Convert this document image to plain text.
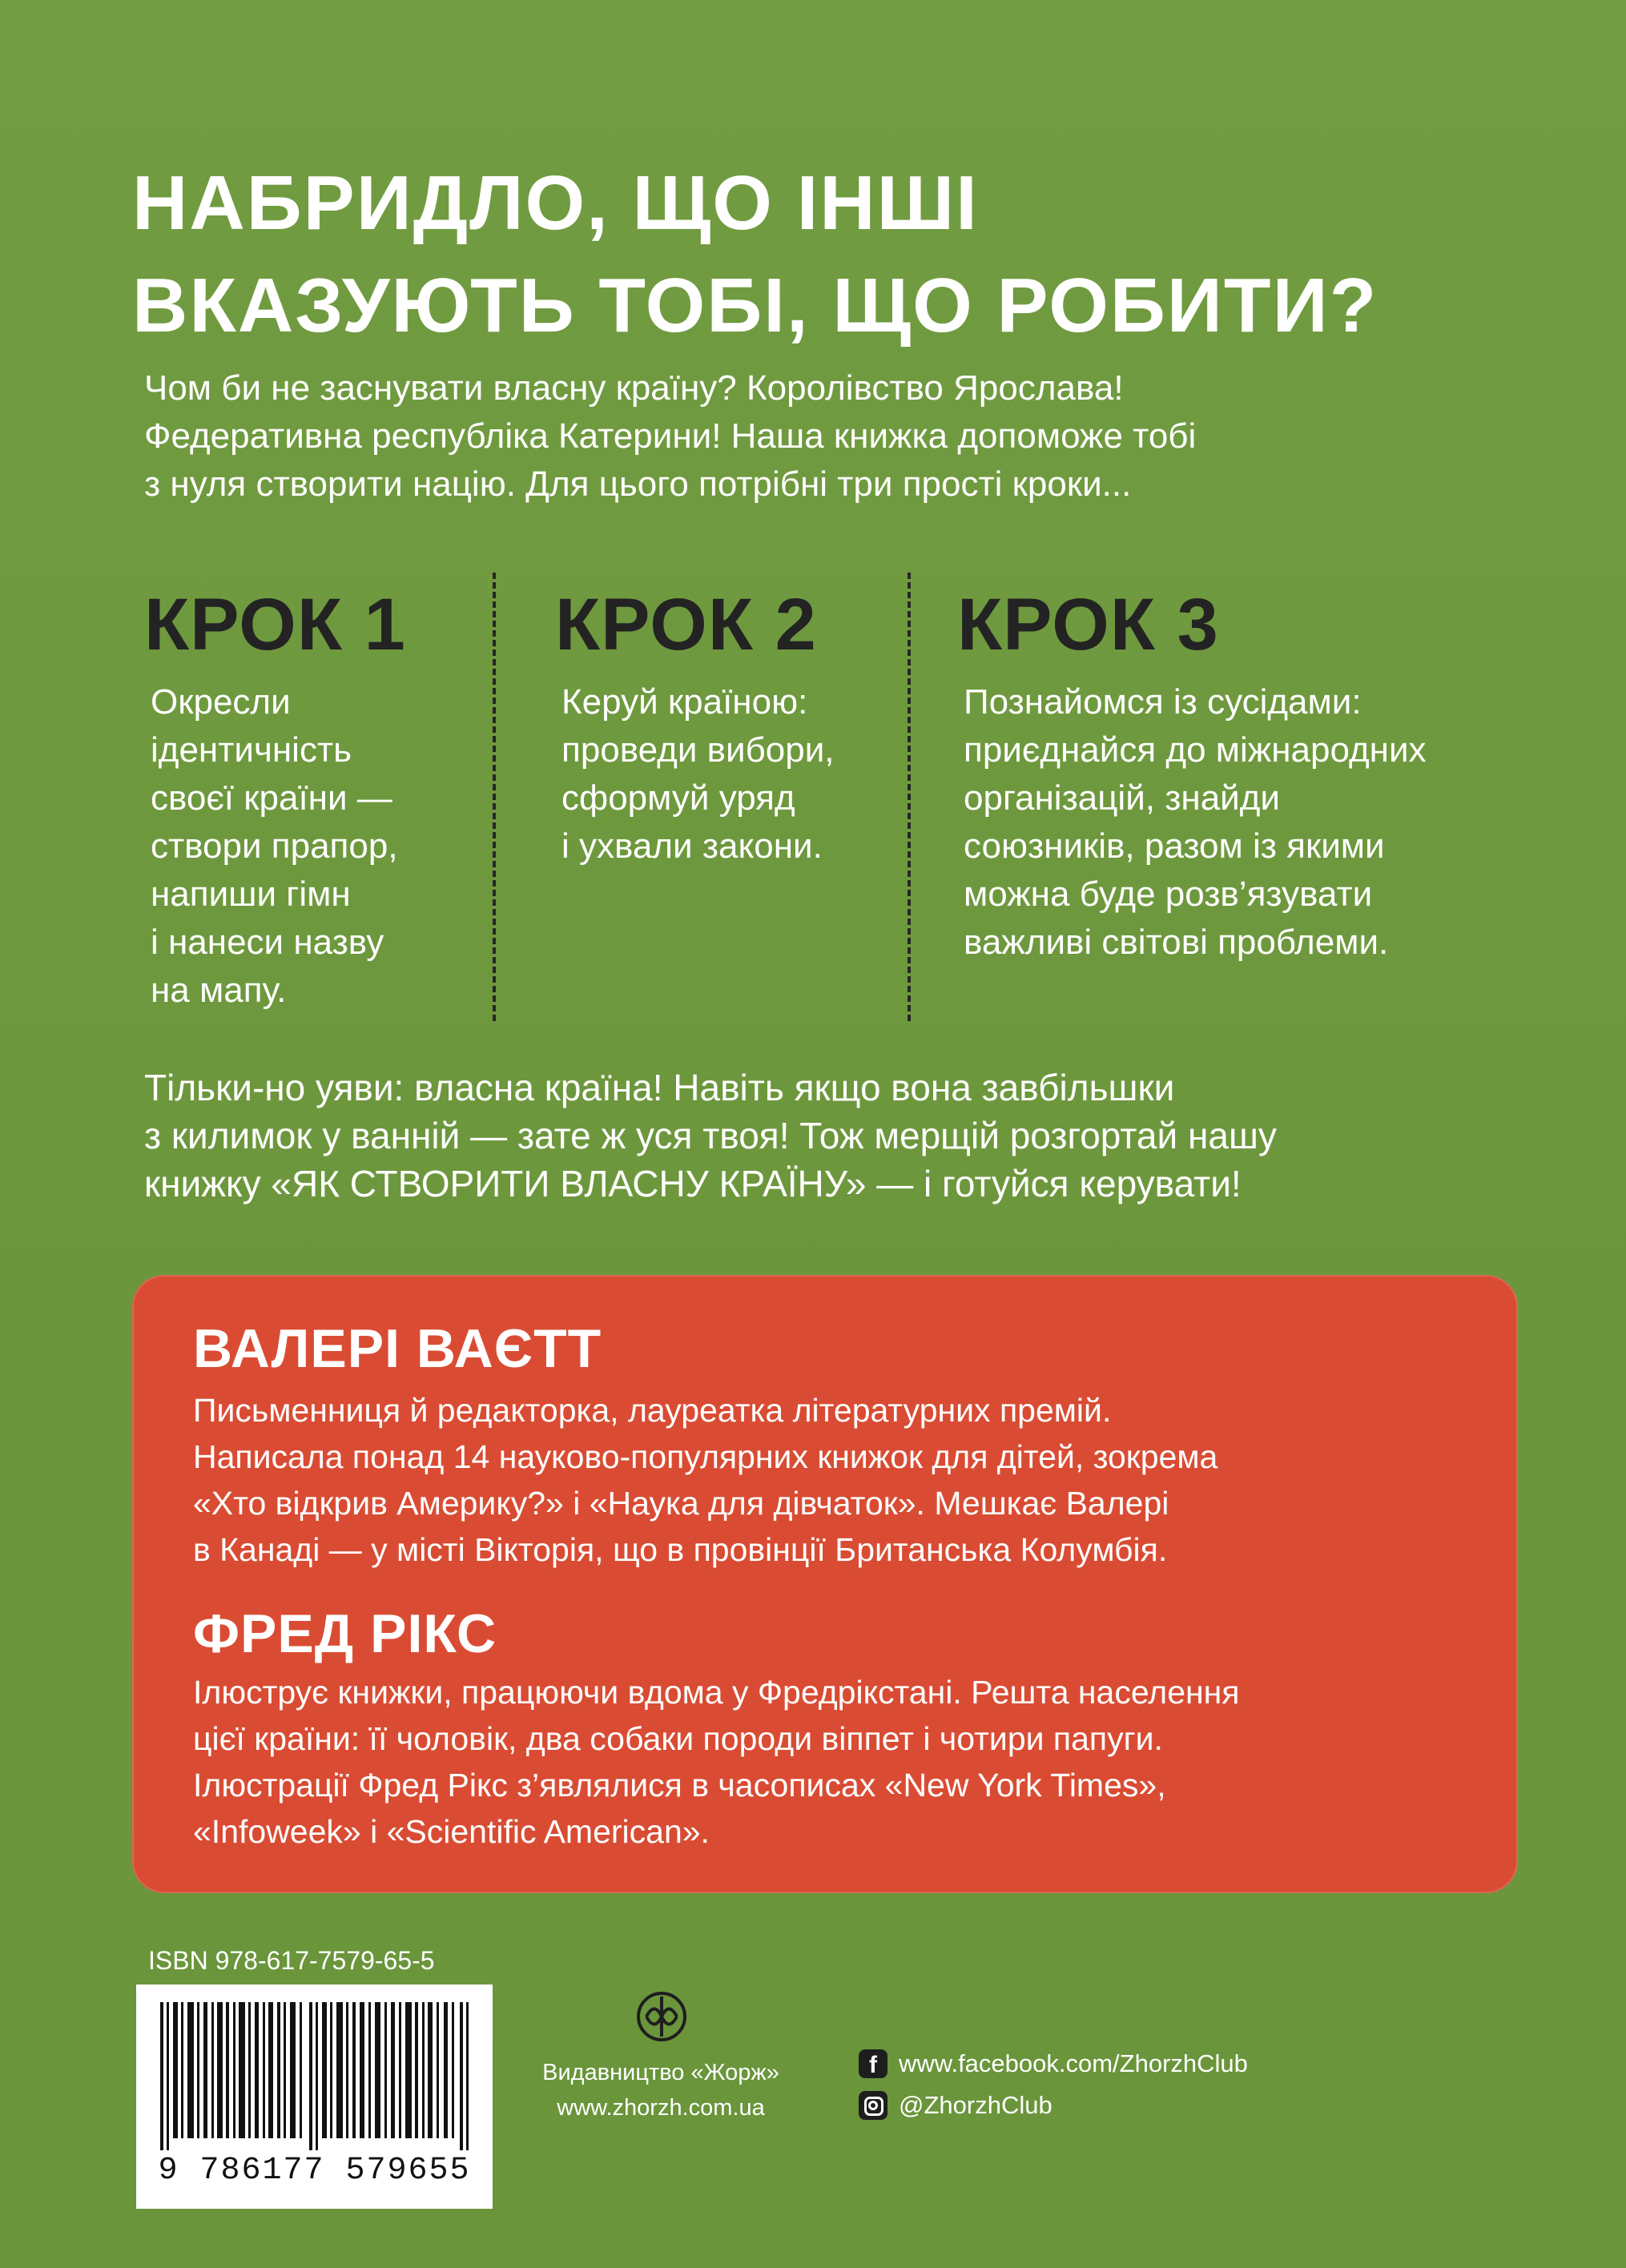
НАБРИДЛО, ЩО ІНШІ
ВКАЗУЮТЬ ТОБІ, ЩО РОБИТИ?

Чом би не заснувати власну країну? Королівство Ярослава!
Федеративна республіка Катерини! Наша книжка допоможе тобі
з нуля створити націю. Для цього потрібні три прості кроки...

КРОК 1

Окресли
ідентичність
своєї країни —
створи прапор,
напиши гімн
і нанеси назву
на мапу.

КРОК 2

Керуй країною:
проведи вибори,
сформуй уряд
і ухвали закони.

КРОК 3

Познайомся із сусідами:
приєднайся до міжнародних
організацій, знайди
союзників, разом із якими
можна буде розв’язувати
важливі світові проблеми.

Тільки-но уяви: власна країна! Навіть якщо вона завбільшки
з килимок у ванній — зате ж уся твоя! Тож мерщій розгортай нашу
книжку «ЯК СТВОРИТИ ВЛАСНУ КРАЇНУ» — і готуйся керувати!

ВАЛЕРІ ВАЄТТ

Письменниця й редакторка, лауреатка літературних премій.
Написала понад 14 науково-популярних книжок для дітей, зокрема
«Хто відкрив Америку?» і «Наука для дівчаток». Мешкає Валері
в Канаді — у місті Вікторія, що в провінції Британська Колумбія.

ФРЕД РІКС

Ілюструє книжки, працюючи вдома у Фредрікстані. Решта населення
цієї країни: її чоловік, два собаки породи віппет і чотири папуги.
Ілюстрації Фред Рікс з’являлися в часописах «New York Times»,
«Infoweek» і «Scientific American».

ISBN 978-617-7579-65-5
9 786177 579655
Видавництво «Жорж»
www.zhorzh.com.ua
f www.facebook.com/ZhorzhClub
@ZhorzhClub
